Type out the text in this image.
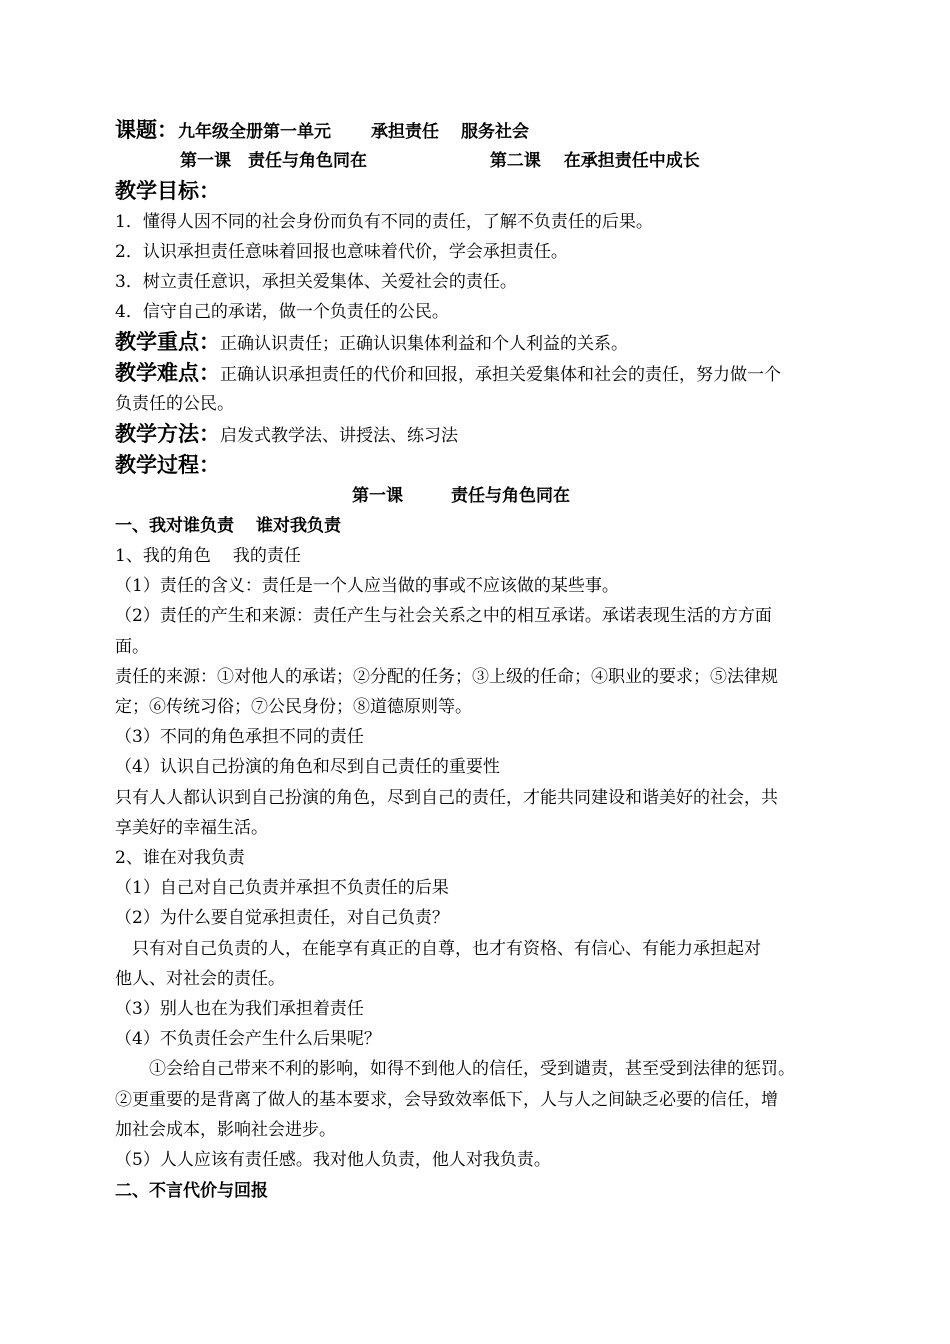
课题：九年级全册第一单元 承担责任 服务社会
第一课　责任与角色同在	第二课　 在承担责任中成长
教学目标：
1．懂得人因不同的社会身份而负有不同的责任，了解不负责任的后果。
2．认识承担责任意味着回报也意味着代价，学会承担责任。
3．树立责任意识，承担关爱集体、关爱社会的责任。
4．信守自己的承诺，做一个负责任的公民。
教学重点：正确认识责任；正确认识集体利益和个人利益的关系。
教学难点：正确认识承担责任的代价和回报，承担关爱集体和社会的责任，努力做一个
负责任的公民。
教学方法：启发式教学法、讲授法、练习法
教学过程：
第一课	责任与角色同在
一、我对谁负责 谁对我负责
1、我的角色 我的责任
（1）责任的含义：责任是一个人应当做的事或不应该做的某些事。
（2）责任的产生和来源：责任产生与社会关系之中的相互承诺。承诺表现生活的方方面
面。
责任的来源：①对他人的承诺；②分配的任务；③上级的任命；④职业的要求；⑤法律规
定；⑥传统习俗；⑦公民身份；⑧道德原则等。
（3）不同的角色承担不同的责任
（4）认识自己扮演的角色和尽到自己责任的重要性
只有人人都认识到自己扮演的角色，尽到自己的责任，才能共同建设和谐美好的社会，共
享美好的幸福生活。
2、谁在对我负责
（1）自己对自己负责并承担不负责任的后果
（2）为什么要自觉承担责任，对自己负责？
　只有对自己负责的人，在能享有真正的自尊，也才有资格、有信心、有能力承担起对
他人、对社会的责任。
（3）别人也在为我们承担着责任
（4）不负责任会产生什么后果呢？
　　①会给自己带来不利的影响，如得不到他人的信任，受到谴责，甚至受到法律的惩罚。
②更重要的是背离了做人的基本要求，会导致效率低下，人与人之间缺乏必要的信任，增
加社会成本，影响社会进步。
（5）人人应该有责任感。我对他人负责，他人对我负责。
二、不言代价与回报
